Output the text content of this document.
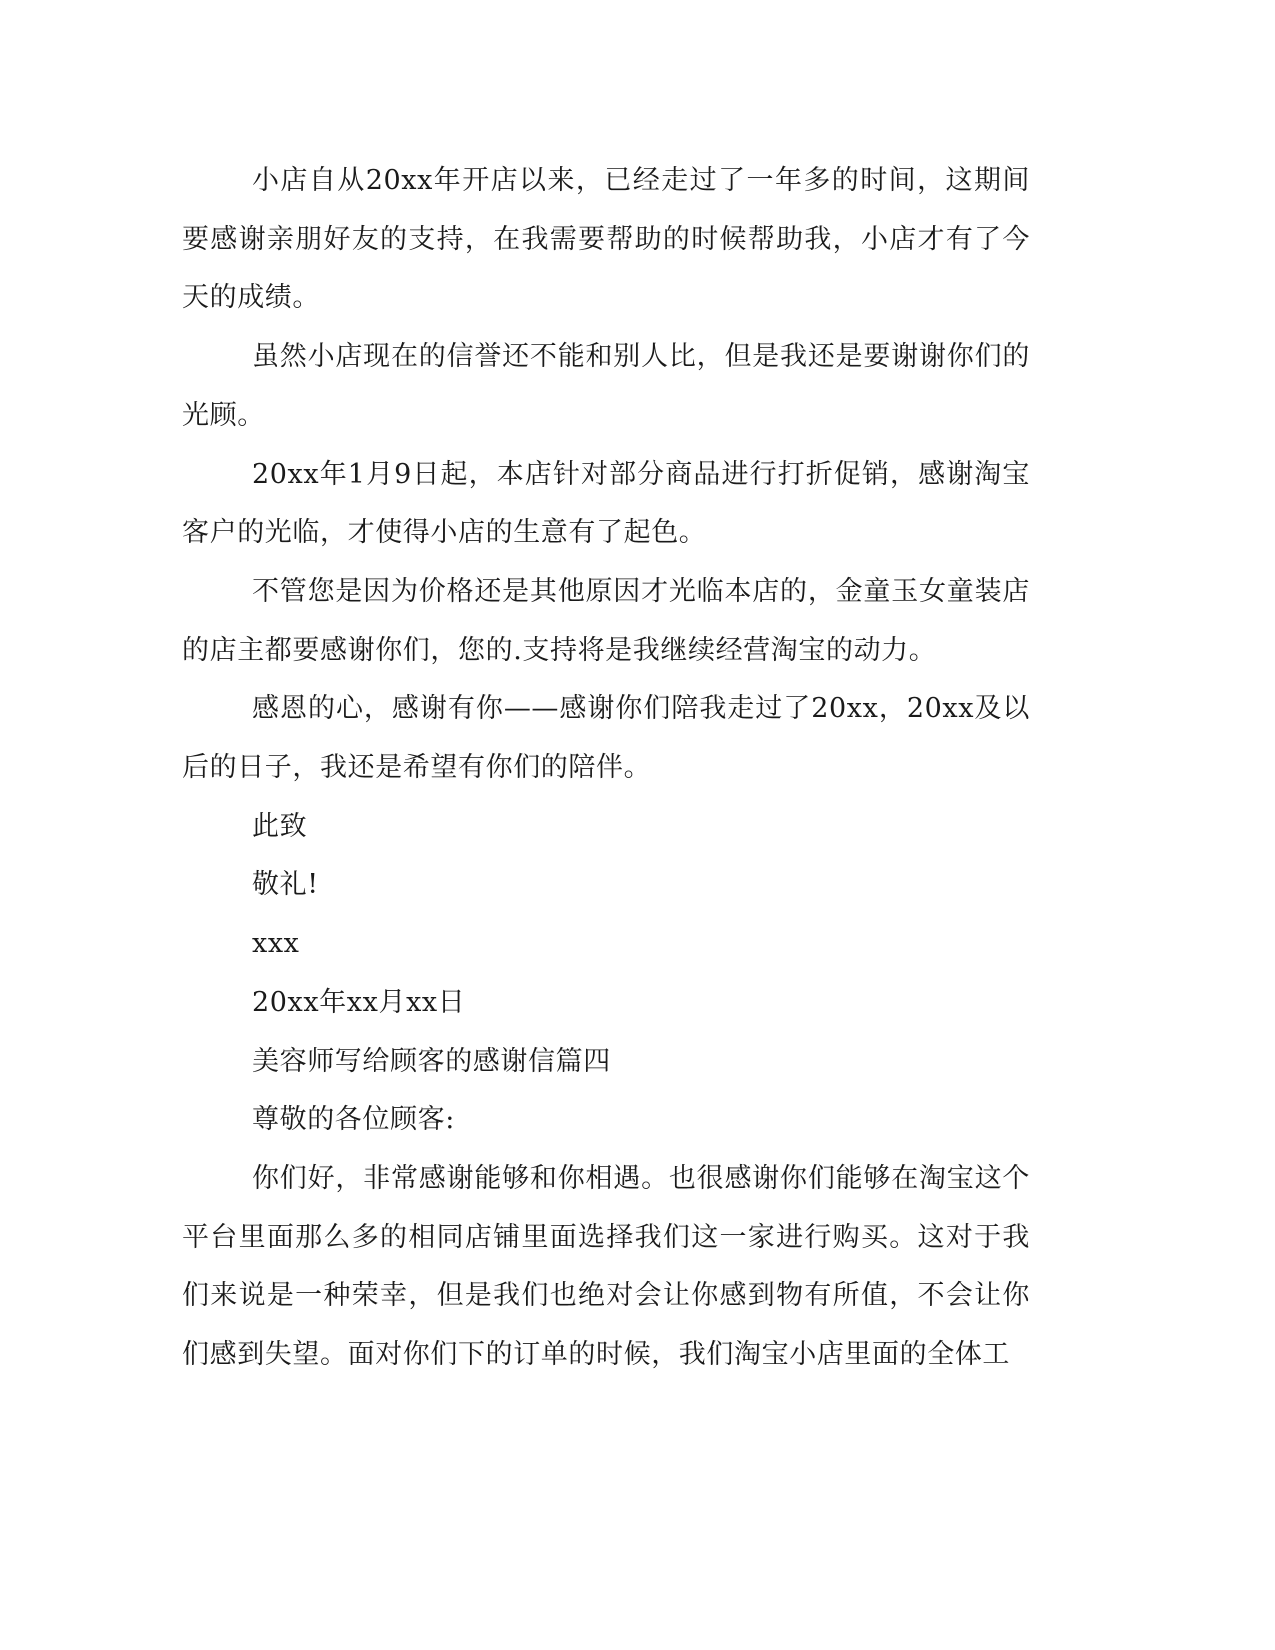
小店自从20xx年开店以来，已经走过了一年多的时间，这期间要感谢亲朋好友的支持，在我需要帮助的时候帮助我，小店才有了今天的成绩。

虽然小店现在的信誉还不能和别人比，但是我还是要谢谢你们的光顾。

20xx年1月9日起，本店针对部分商品进行打折促销，感谢淘宝客户的光临，才使得小店的生意有了起色。

不管您是因为价格还是其他原因才光临本店的，金童玉女童装店的店主都要感谢你们，您的.支持将是我继续经营淘宝的动力。

感恩的心，感谢有你——感谢你们陪我走过了20xx，20xx及以后的日子，我还是希望有你们的陪伴。

此致

敬礼!

xxx

20xx年xx月xx日

美容师写给顾客的感谢信篇四

尊敬的各位顾客:

你们好，非常感谢能够和你相遇。也很感谢你们能够在淘宝这个平台里面那么多的相同店铺里面选择我们这一家进行购买。这对于我们来说是一种荣幸，但是我们也绝对会让你感到物有所值，不会让你们感到失望。面对你们下的订单的时候，我们淘宝小店里面的全体工
